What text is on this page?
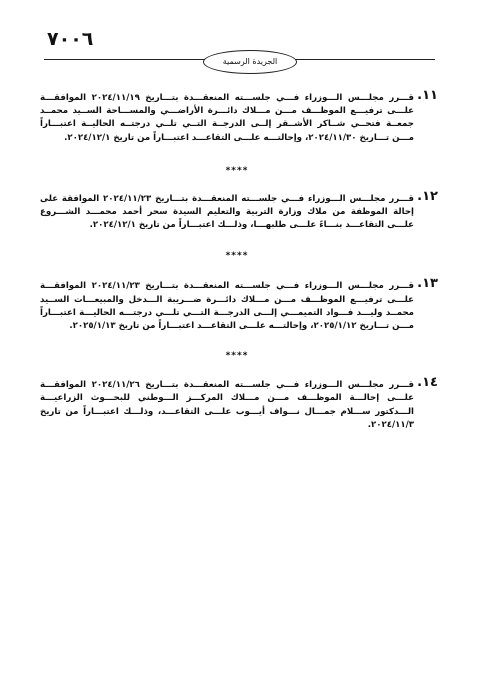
٧٠٠٦
الجريدة الرسمية
١١.
قـــرر مجلـــس الـــوزراء فـــي جلســـته المنعقـــدة بتـــاريخ ٢٠٢٤/١١/١٩ الموافقـــة علـــى ترفيـــع الموظـــف مـــن مـــلاك دائـــرة الأراضـــي والمســـاحة الســيد محمــد جمعــة فتحــي شــاكر الأشــقر إلــى الدرجــة التــي تلــي درجتــه الحاليــة اعتبـــاراً مـــن تـــاريخ ٢٠٢٤/١١/٣٠، وإحالتـــه علـــى التقاعـــد اعتبـــاراً من تاريخ ٢٠٢٤/١٢/١.
****
١٢.
قـــرر مجلـــس الـــوزراء فـــي جلســـته المنعقـــدة بتـــاريخ ٢٠٢٤/١١/٢٣ الموافقة على إحالة الموظفة من ملاك وزارة التربية والتعليم السيدة سحر أحمد محمـــد الشـــروع علـــى التقاعـــد بنـــاءً علـــى طلبهـــا، وذلـــك اعتبـــاراً من تاريخ ٢٠٢٤/١٢/١.
****
١٣.
قـــرر مجلـــس الـــوزراء فـــي جلســـته المنعقـــدة بتـــاريخ ٢٠٢٤/١١/٢٣ الموافقـــة علـــى ترفيـــع الموظـــف مـــن مـــلاك دائـــرة ضـــريبة الـــدخل والمبيعـــات الســيد محمــد وليـــد فـــواد التميمـــي إلـــى الدرجـــة التـــي تلـــي درجتـــه الحاليـــة اعتبـــاراً مـــن تـــاريخ ٢٠٢٥/١/١٢، وإحالتـــه علـــى التقاعـــد اعتبـــاراً من تاريخ ٢٠٢٥/١/١٣.
****
١٤.
قـــرر مجلـــس الـــوزراء فـــي جلســـته المنعقـــدة بتـــاريخ ٢٠٢٤/١١/٢٦ الموافقـــة علـــى إحالـــة الموظـــف مـــن مـــلاك المركـــز الـــوطني للبحـــوث الزراعيـــة الـــدكتور ســـلام جمـــال نـــواف أيـــوب علـــى التقاعـــد، وذلـــك اعتبـــاراً من تاريخ ٢٠٢٤/١١/٣.
